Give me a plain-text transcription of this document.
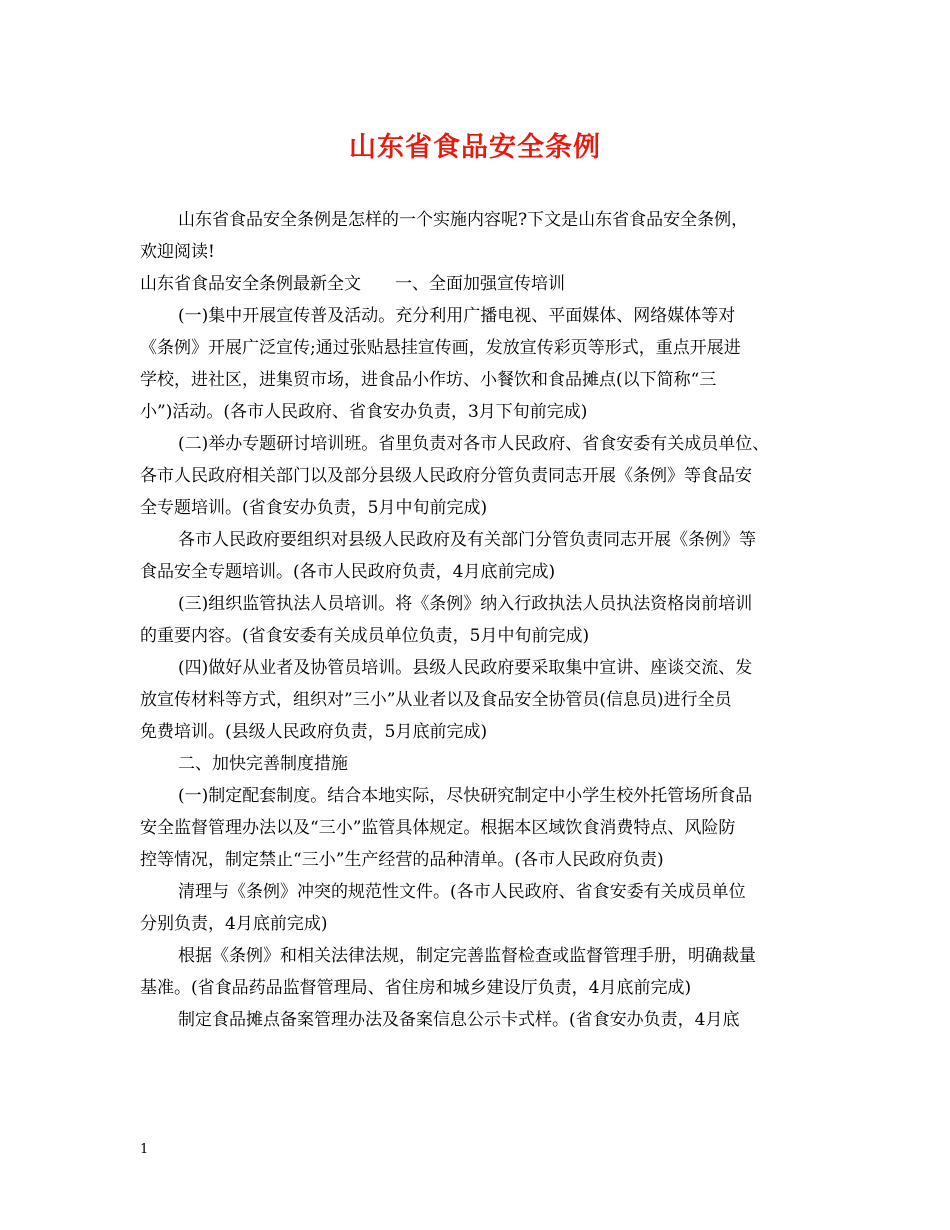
山东省食品安全条例
山东省食品安全条例是怎样的一个实施内容呢?下文是山东省食品安全条例，
欢迎阅读!
山东省食品安全条例最新全文　　一、全面加强宣传培训
(一)集中开展宣传普及活动。充分利用广播电视、平面媒体、网络媒体等对
《条例》开展广泛宣传;通过张贴悬挂宣传画，发放宣传彩页等形式，重点开展进
学校，进社区，进集贸市场，进食品小作坊、小餐饮和食品摊点(以下简称“三
小”)活动。(各市人民政府、省食安办负责，3月下旬前完成)
(二)举办专题研讨培训班。省里负责对各市人民政府、省食安委有关成员单位、
各市人民政府相关部门以及部分县级人民政府分管负责同志开展《条例》等食品安
全专题培训。(省食安办负责，5月中旬前完成)
各市人民政府要组织对县级人民政府及有关部门分管负责同志开展《条例》等
食品安全专题培训。(各市人民政府负责，4月底前完成)
(三)组织监管执法人员培训。将《条例》纳入行政执法人员执法资格岗前培训
的重要内容。(省食安委有关成员单位负责，5月中旬前完成)
(四)做好从业者及协管员培训。县级人民政府要采取集中宣讲、座谈交流、发
放宣传材料等方式，组织对”三小”从业者以及食品安全协管员(信息员)进行全员
免费培训。(县级人民政府负责，5月底前完成)
二、加快完善制度措施
(一)制定配套制度。结合本地实际，尽快研究制定中小学生校外托管场所食品
安全监督管理办法以及“三小”监管具体规定。根据本区域饮食消费特点、风险防
控等情况，制定禁止“三小”生产经营的品种清单。(各市人民政府负责)
清理与《条例》冲突的规范性文件。(各市人民政府、省食安委有关成员单位
分别负责，4月底前完成)
根据《条例》和相关法律法规，制定完善监督检查或监督管理手册，明确裁量
基准。(省食品药品监督管理局、省住房和城乡建设厅负责，4月底前完成)
制定食品摊点备案管理办法及备案信息公示卡式样。(省食安办负责，4月底
1
